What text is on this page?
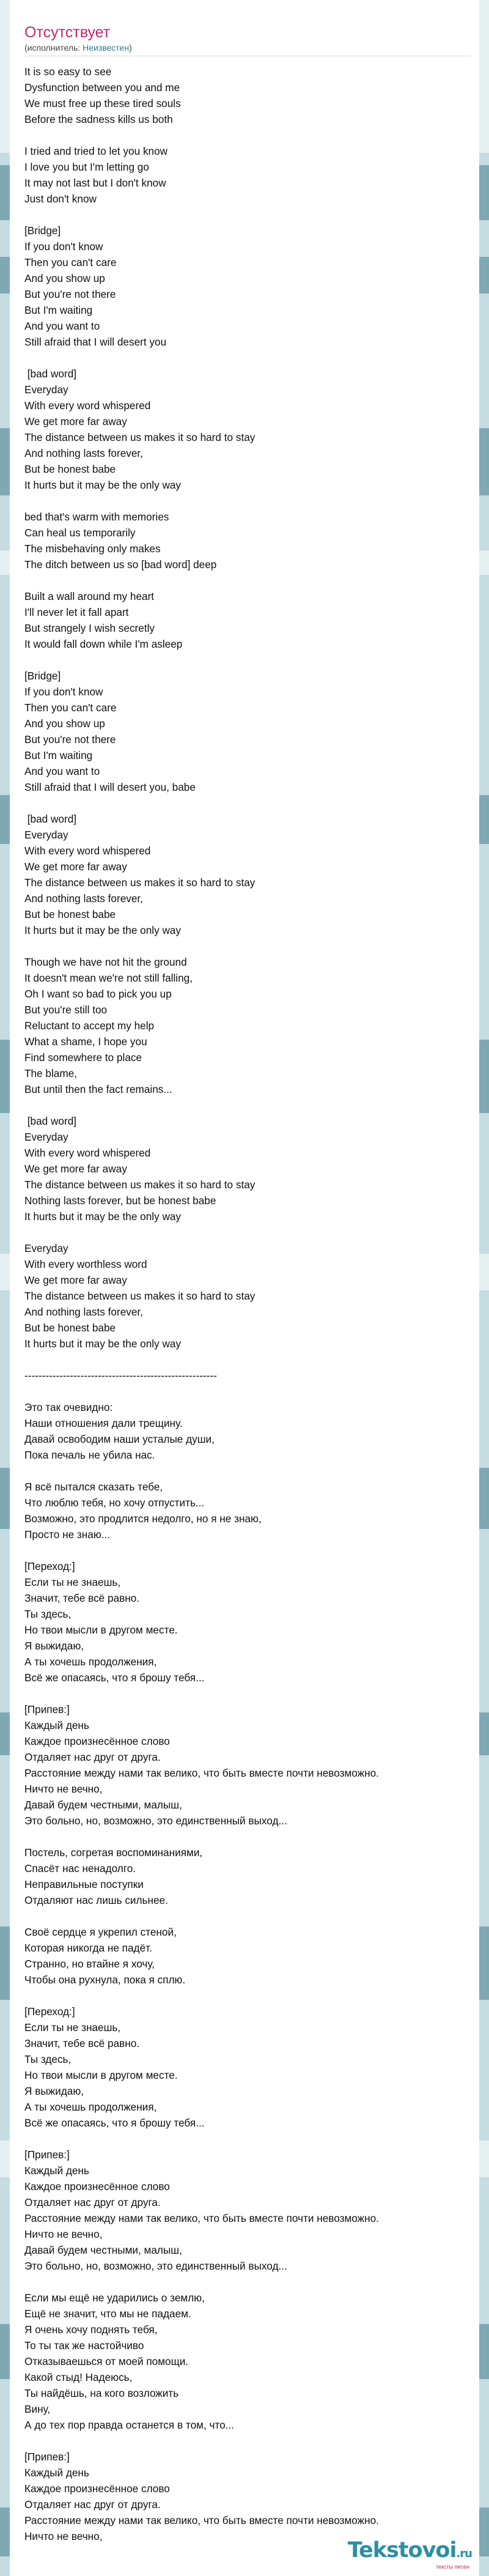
Отсутствует
(исполнитель: Неизвестен)
It is so easy to see
Dysfunction between you and me
We must free up these tired souls
Before the sadness kills us both
I tried and tried to let you know
I love you but I'm letting go
It may not last but I don't know
Just don't know
[Bridge]
If you don't know
Then you can't care
And you show up
But you're not there
But I'm waiting
And you want to
Still afraid that I will desert you
[bad word]
Everyday
With every word whispered
We get more far away
The distance between us makes it so hard to stay
And nothing lasts forever,
But be honest babe
It hurts but it may be the only way
bed that's warm with memories
Can heal us temporarily
The misbehaving only makes
The ditch between us so [bad word] deep
Built a wall around my heart
I'll never let it fall apart
But strangely I wish secretly
It would fall down while I'm asleep
[Bridge]
If you don't know
Then you can't care
And you show up
But you're not there
But I'm waiting
And you want to
Still afraid that I will desert you, babe
[bad word]
Everyday
With every word whispered
We get more far away
The distance between us makes it so hard to stay
And nothing lasts forever,
But be honest babe
It hurts but it may be the only way
Though we have not hit the ground
It doesn't mean we're not still falling,
Oh I want so bad to pick you up
But you're still too
Reluctant to accept my help
What a shame, I hope you
Find somewhere to place
The blame,
But until then the fact remains...
[bad word]
Everyday
With every word whispered
We get more far away
The distance between us makes it so hard to stay
Nothing lasts forever, but be honest babe
It hurts but it may be the only way
Everyday
With every worthless word
We get more far away
The distance between us makes it so hard to stay
And nothing lasts forever,
But be honest babe
It hurts but it may be the only way
-------------------------------------------------------
Это так очевидно:
Наши отношения дали трещину.
Давай освободим наши усталые души,
Пока печаль не убила нас.
Я всё пытался сказать тебе,
Что люблю тебя, но хочу отпустить...
Возможно, это продлится недолго, но я не знаю,
Просто не знаю...
[Переход:]
Если ты не знаешь,
Значит, тебе всё равно.
Ты здесь,
Но твои мысли в другом месте.
Я выжидаю,
А ты хочешь продолжения,
Всё же опасаясь, что я брошу тебя...
[Припев:]
Каждый день
Каждое произнесённое слово
Отдаляет нас друг от друга.
Расстояние между нами так велико, что быть вместе почти невозможно.
Ничто не вечно,
Давай будем честными, малыш,
Это больно, но, возможно, это единственный выход...
Постель, согретая воспоминаниями,
Спасёт нас ненадолго.
Неправильные поступки
Отдаляют нас лишь сильнее.
Своё сердце я укрепил стеной,
Которая никогда не падёт.
Странно, но втайне я хочу,
Чтобы она рухнула, пока я сплю.
[Переход:]
Если ты не знаешь,
Значит, тебе всё равно.
Ты здесь,
Но твои мысли в другом месте.
Я выжидаю,
А ты хочешь продолжения,
Всё же опасаясь, что я брошу тебя...
[Припев:]
Каждый день
Каждое произнесённое слово
Отдаляет нас друг от друга.
Расстояние между нами так велико, что быть вместе почти невозможно.
Ничто не вечно,
Давай будем честными, малыш,
Это больно, но, возможно, это единственный выход...
Если мы ещё не ударились о землю,
Ещё не значит, что мы не падаем.
Я очень хочу поднять тебя,
То ты так же настойчиво
Отказываешься от моей помощи.
Какой стыд! Надеюсь,
Ты найдёшь, на кого возложить
Вину,
А до тех пор правда останется в том, что...
[Припев:]
Каждый день
Каждое произнесённое слово
Отдаляет нас друг от друга.
Расстояние между нами так велико, что быть вместе почти невозможно.
Ничто не вечно,
Tekstovoi.ru
тексты песен
